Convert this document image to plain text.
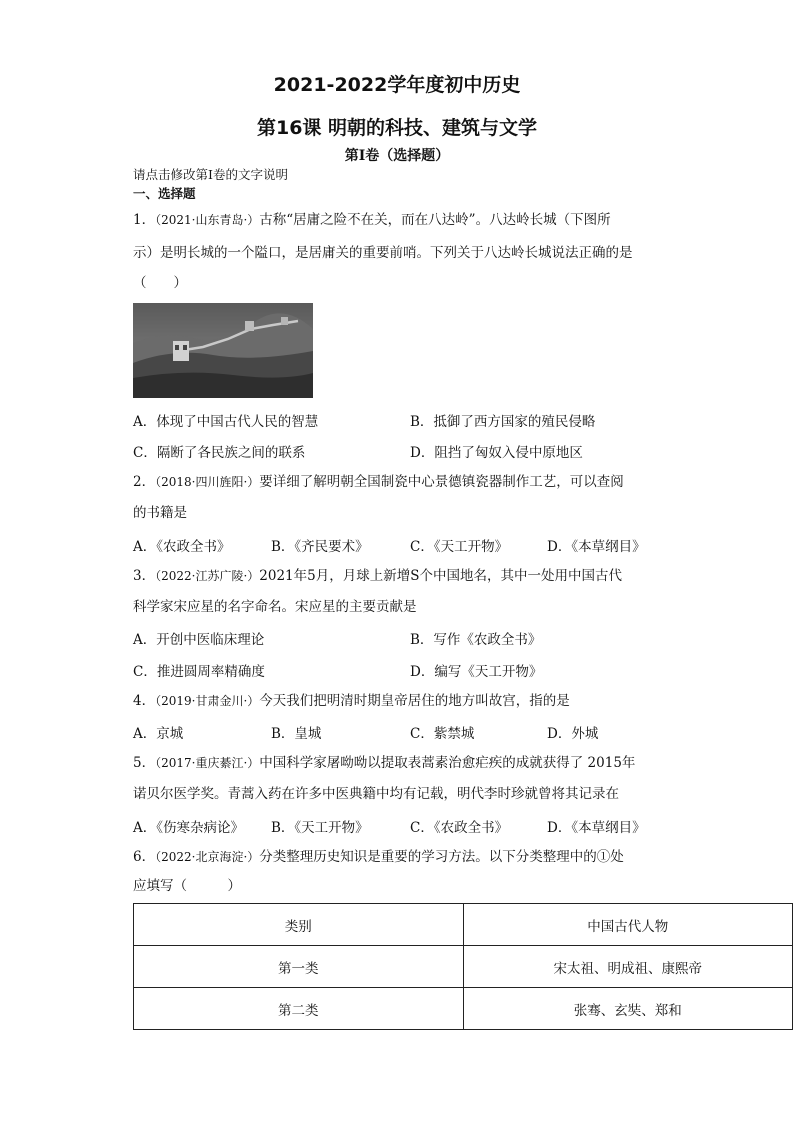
2021-2022学年度初中历史
第16课 明朝的科技、建筑与文学
第I卷（选择题）
请点击修改第I卷的文字说明
一、选择题
1．（2021·山东青岛·）古称“居庸之险不在关，而在八达岭”。八达岭长城（下图所
示）是明长城的一个隘口，是居庸关的重要前哨。下列关于八达岭长城说法正确的是
（　　）
A．体现了中国古代人民的智慧	B．抵御了西方国家的殖民侵略
C．隔断了各民族之间的联系	D．阻挡了匈奴入侵中原地区
2．（2018·四川旌阳·）要详细了解明朝全国制瓷中心景德镇瓷器制作工艺，可以查阅
的书籍是
A．《农政全书》	B．《齐民要术》	C．《天工开物》	D．《本草纲目》
3．（2022·江苏广陵·）2021年5月，月球上新增S个中国地名，其中一处用中国古代
科学家宋应星的名字命名。宋应星的主要贡献是
A．开创中医临床理论	B．写作《农政全书》
C．推进圆周率精确度	D．编写《天工开物》
4．（2019·甘肃金川·）今天我们把明清时期皇帝居住的地方叫故宫，指的是
A．京城	B．皇城	C．紫禁城	D．外城
5．（2017·重庆綦江·）中国科学家屠呦呦以提取表蒿素治愈疟疾的成就获得了 2015年
诺贝尔医学奖。青蒿入药在许多中医典籍中均有记载，明代李时珍就曾将其记录在
A．《伤寒杂病论》 B．《天工开物》	C．《农政全书》	D．《本草纲目》
6．（2022·北京海淀·）分类整理历史知识是重要的学习方法。以下分类整理中的①处
应填写（　　　）
类别	中国古代人物
第一类	宋太祖、明成祖、康熙帝
第二类	张骞、玄奘、郑和
